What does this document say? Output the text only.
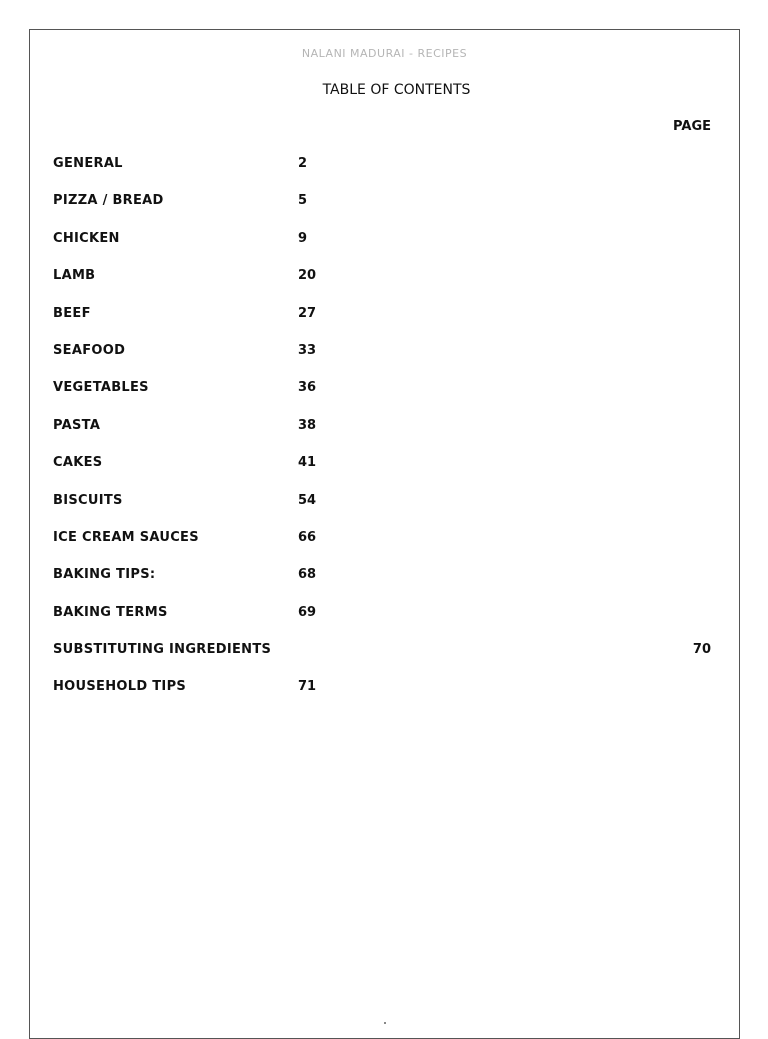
NALANI MADURAI - RECIPES
TABLE OF CONTENTS
PAGE
GENERAL	2
PIZZA / BREAD	5
CHICKEN	9
LAMB	20
BEEF	27
SEAFOOD	33
VEGETABLES	36
PASTA	38
CAKES	41
BISCUITS	54
ICE CREAM SAUCES	66
BAKING TIPS:	68
BAKING TERMS	69
SUBSTITUTING INGREDIENTS	70
HOUSEHOLD TIPS	71
